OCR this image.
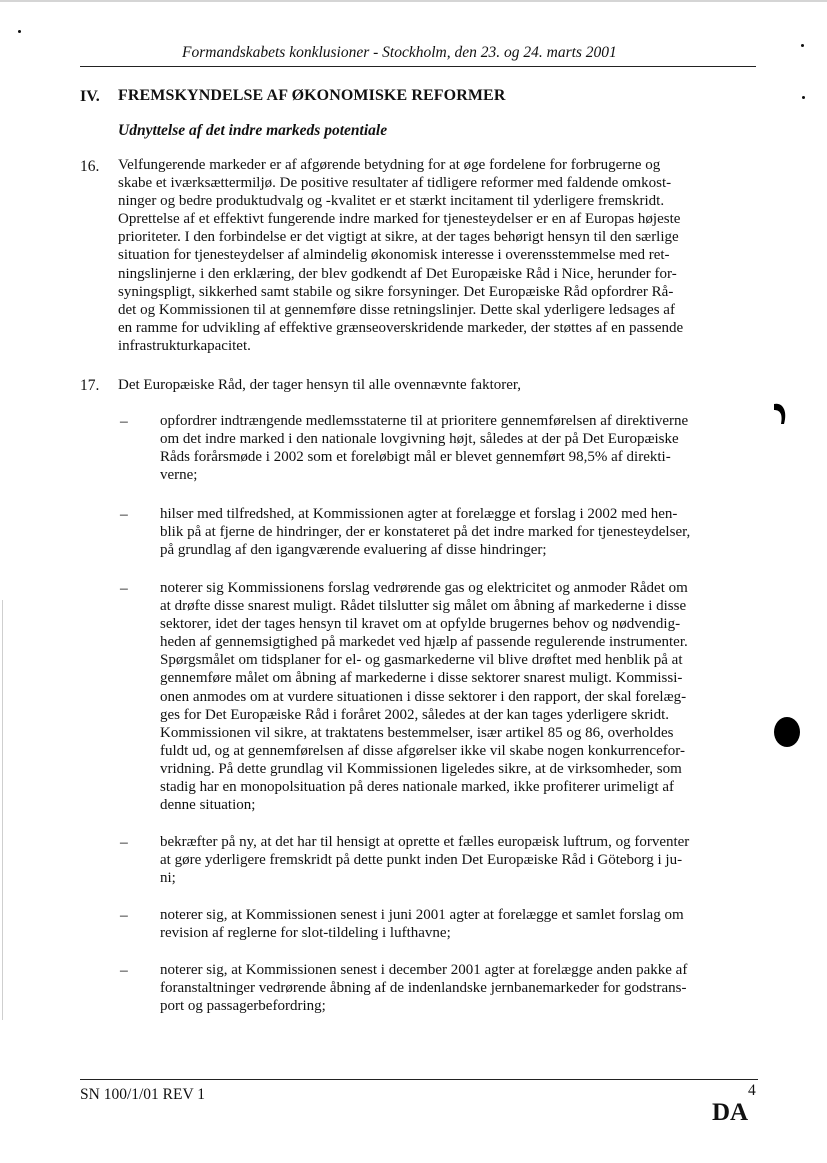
Formandskabets konklusioner - Stockholm, den 23. og 24. marts 2001
IV. FREMSKYNDELSE AF ØKONOMISKE REFORMER
Udnyttelse af det indre markeds potentiale
16. Velfungerende markeder er af afgørende betydning for at øge fordelene for forbrugerne og
skabe et iværksættermiljø. De positive resultater af tidligere reformer med faldende omkost-
ninger og bedre produktudvalg og -kvalitet er et stærkt incitament til yderligere fremskridt.
Oprettelse af et effektivt fungerende indre marked for tjenesteydelser er en af Europas højeste
prioriteter. I den forbindelse er det vigtigt at sikre, at der tages behørigt hensyn til den særlige
situation for tjenesteydelser af almindelig økonomisk interesse i overensstemmelse med ret-
ningslinjerne i den erklæring, der blev godkendt af Det Europæiske Råd i Nice, herunder for-
syningspligt, sikkerhed samt stabile og sikre forsyninger. Det Europæiske Råd opfordrer Rå-
det og Kommissionen til at gennemføre disse retningslinjer. Dette skal yderligere ledsages af
en ramme for udvikling af effektive grænseoverskridende markeder, der støttes af en passende
infrastrukturkapacitet.

17. Det Europæiske Råd, der tager hensyn til alle ovennævnte faktorer,

– opfordrer indtrængende medlemsstaterne til at prioritere gennemførelsen af direktiverne
om det indre marked i den nationale lovgivning højt, således at der på Det Europæiske
Råds forårsmøde i 2002 som et foreløbigt mål er blevet gennemført 98,5% af direkti-
verne;

– hilser med tilfredshed, at Kommissionen agter at forelægge et forslag i 2002 med hen-
blik på at fjerne de hindringer, der er konstateret på det indre marked for tjenesteydelser,
på grundlag af den igangværende evaluering af disse hindringer;

– noterer sig Kommissionens forslag vedrørende gas og elektricitet og anmoder Rådet om
at drøfte disse snarest muligt. Rådet tilslutter sig målet om åbning af markederne i disse
sektorer, idet der tages hensyn til kravet om at opfylde brugernes behov og nødvendig-
heden af gennemsigtighed på markedet ved hjælp af passende regulerende instrumenter.
Spørgsmålet om tidsplaner for el- og gasmarkederne vil blive drøftet med henblik på at
gennemføre målet om åbning af markederne i disse sektorer snarest muligt. Kommissi-
onen anmodes om at vurdere situationen i disse sektorer i den rapport, der skal forelæg-
ges for Det Europæiske Råd i foråret 2002, således at der kan tages yderligere skridt.
Kommissionen vil sikre, at traktatens bestemmelser, især artikel 85 og 86, overholdes
fuldt ud, og at gennemførelsen af disse afgørelser ikke vil skabe nogen konkurrencefor-
vridning. På dette grundlag vil Kommissionen ligeledes sikre, at de virksomheder, som
stadig har en monopolsituation på deres nationale marked, ikke profiterer urimeligt af
denne situation;

– bekræfter på ny, at det har til hensigt at oprette et fælles europæisk luftrum, og forventer
at gøre yderligere fremskridt på dette punkt inden Det Europæiske Råd i Göteborg i ju-
ni;

– noterer sig, at Kommissionen senest i juni 2001 agter at forelægge et samlet forslag om
revision af reglerne for slot-tildeling i lufthavne;

– noterer sig, at Kommissionen senest i december 2001 agter at forelægge anden pakke af
foranstaltninger vedrørende åbning af de indenlandske jernbanemarkeder for godstrans-
port og passagerbefordring;

SN 100/1/01 REV 1	4
DA
